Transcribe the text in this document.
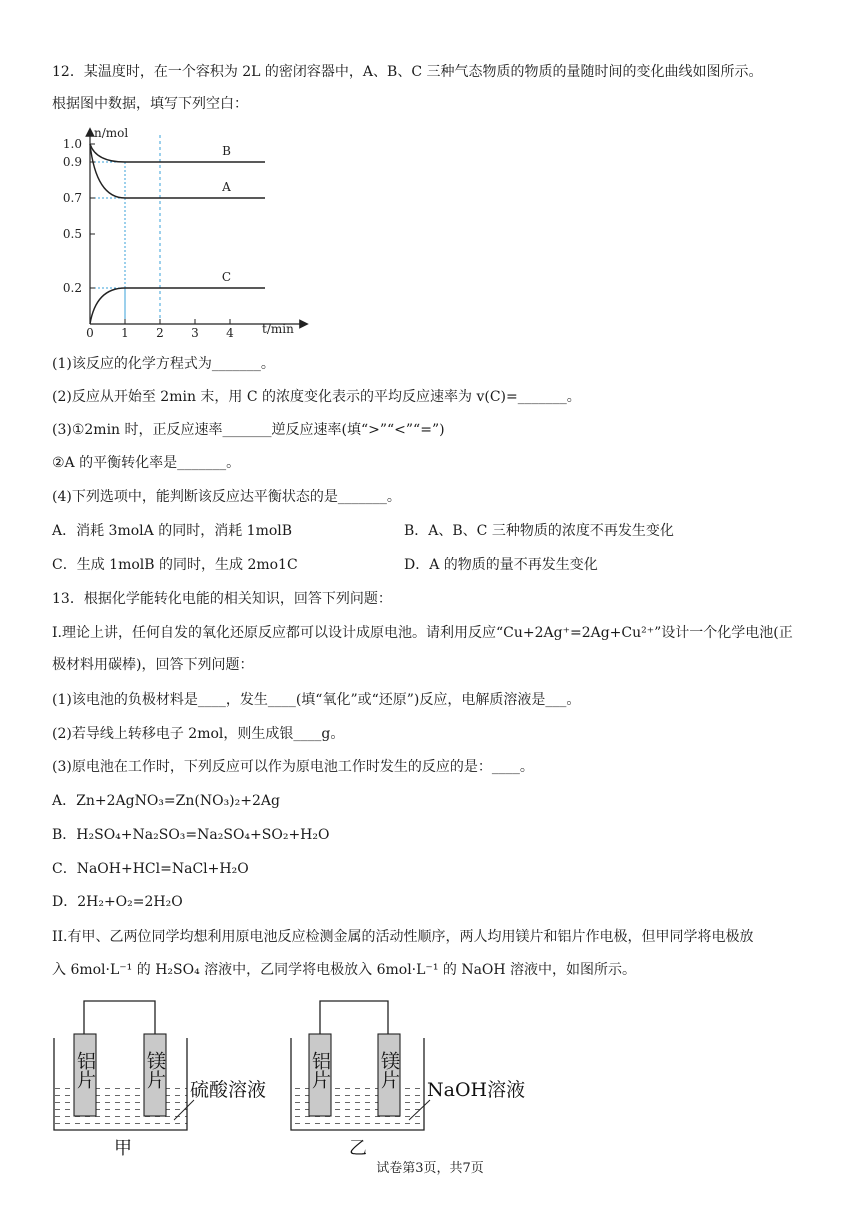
12．某温度时，在一个容积为 2L 的密闭容器中，A、B、C 三种气态物质的物质的量随时间的变化曲线如图所示。
根据图中数据，填写下列空白：
n/mol
t/min
0 1 2 3 4
1.0
0.9
0.7
0.5
0.2
B
A
C
(1)该反应的化学方程式为_______。
(2)反应从开始至 2min 末，用 C 的浓度变化表示的平均反应速率为 v(C)=_______。
(3)①2min 时，正反应速率_______逆反应速率(填“>”“<”“=”)
②A 的平衡转化率是_______。
(4)下列选项中，能判断该反应达平衡状态的是_______。
A．消耗 3molA 的同时，消耗 1molB	B．A、B、C 三种物质的浓度不再发生变化
C．生成 1molB 的同时，生成 2mo1C	D．A 的物质的量不再发生变化
13．根据化学能转化电能的相关知识，回答下列问题：
I.理论上讲，任何自发的氧化还原反应都可以设计成原电池。请利用反应“Cu+2Ag⁺=2Ag+Cu²⁺”设计一个化学电池(正
极材料用碳棒)，回答下列问题：
(1)该电池的负极材料是____，发生____(填“氧化”或“还原”)反应，电解质溶液是___。
(2)若导线上转移电子 2mol，则生成银____g。
(3)原电池在工作时，下列反应可以作为原电池工作时发生的反应的是：____。
A．Zn+2AgNO₃=Zn(NO₃)₂+2Ag
B．H₂SO₄+Na₂SO₃=Na₂SO₄+SO₂+H₂O
C．NaOH+HCl=NaCl+H₂O
D．2H₂+O₂=2H₂O
II.有甲、乙两位同学均想利用原电池反应检测金属的活动性顺序，两人均用镁片和铝片作电极，但甲同学将电极放
入 6mol·L⁻¹ 的 H₂SO₄ 溶液中，乙同学将电极放入 6mol·L⁻¹ 的 NaOH 溶液中，如图所示。
铝片	镁片
硫酸溶液
甲
铝片 镁片
NaOH溶液
乙
试卷第3页，共7页
